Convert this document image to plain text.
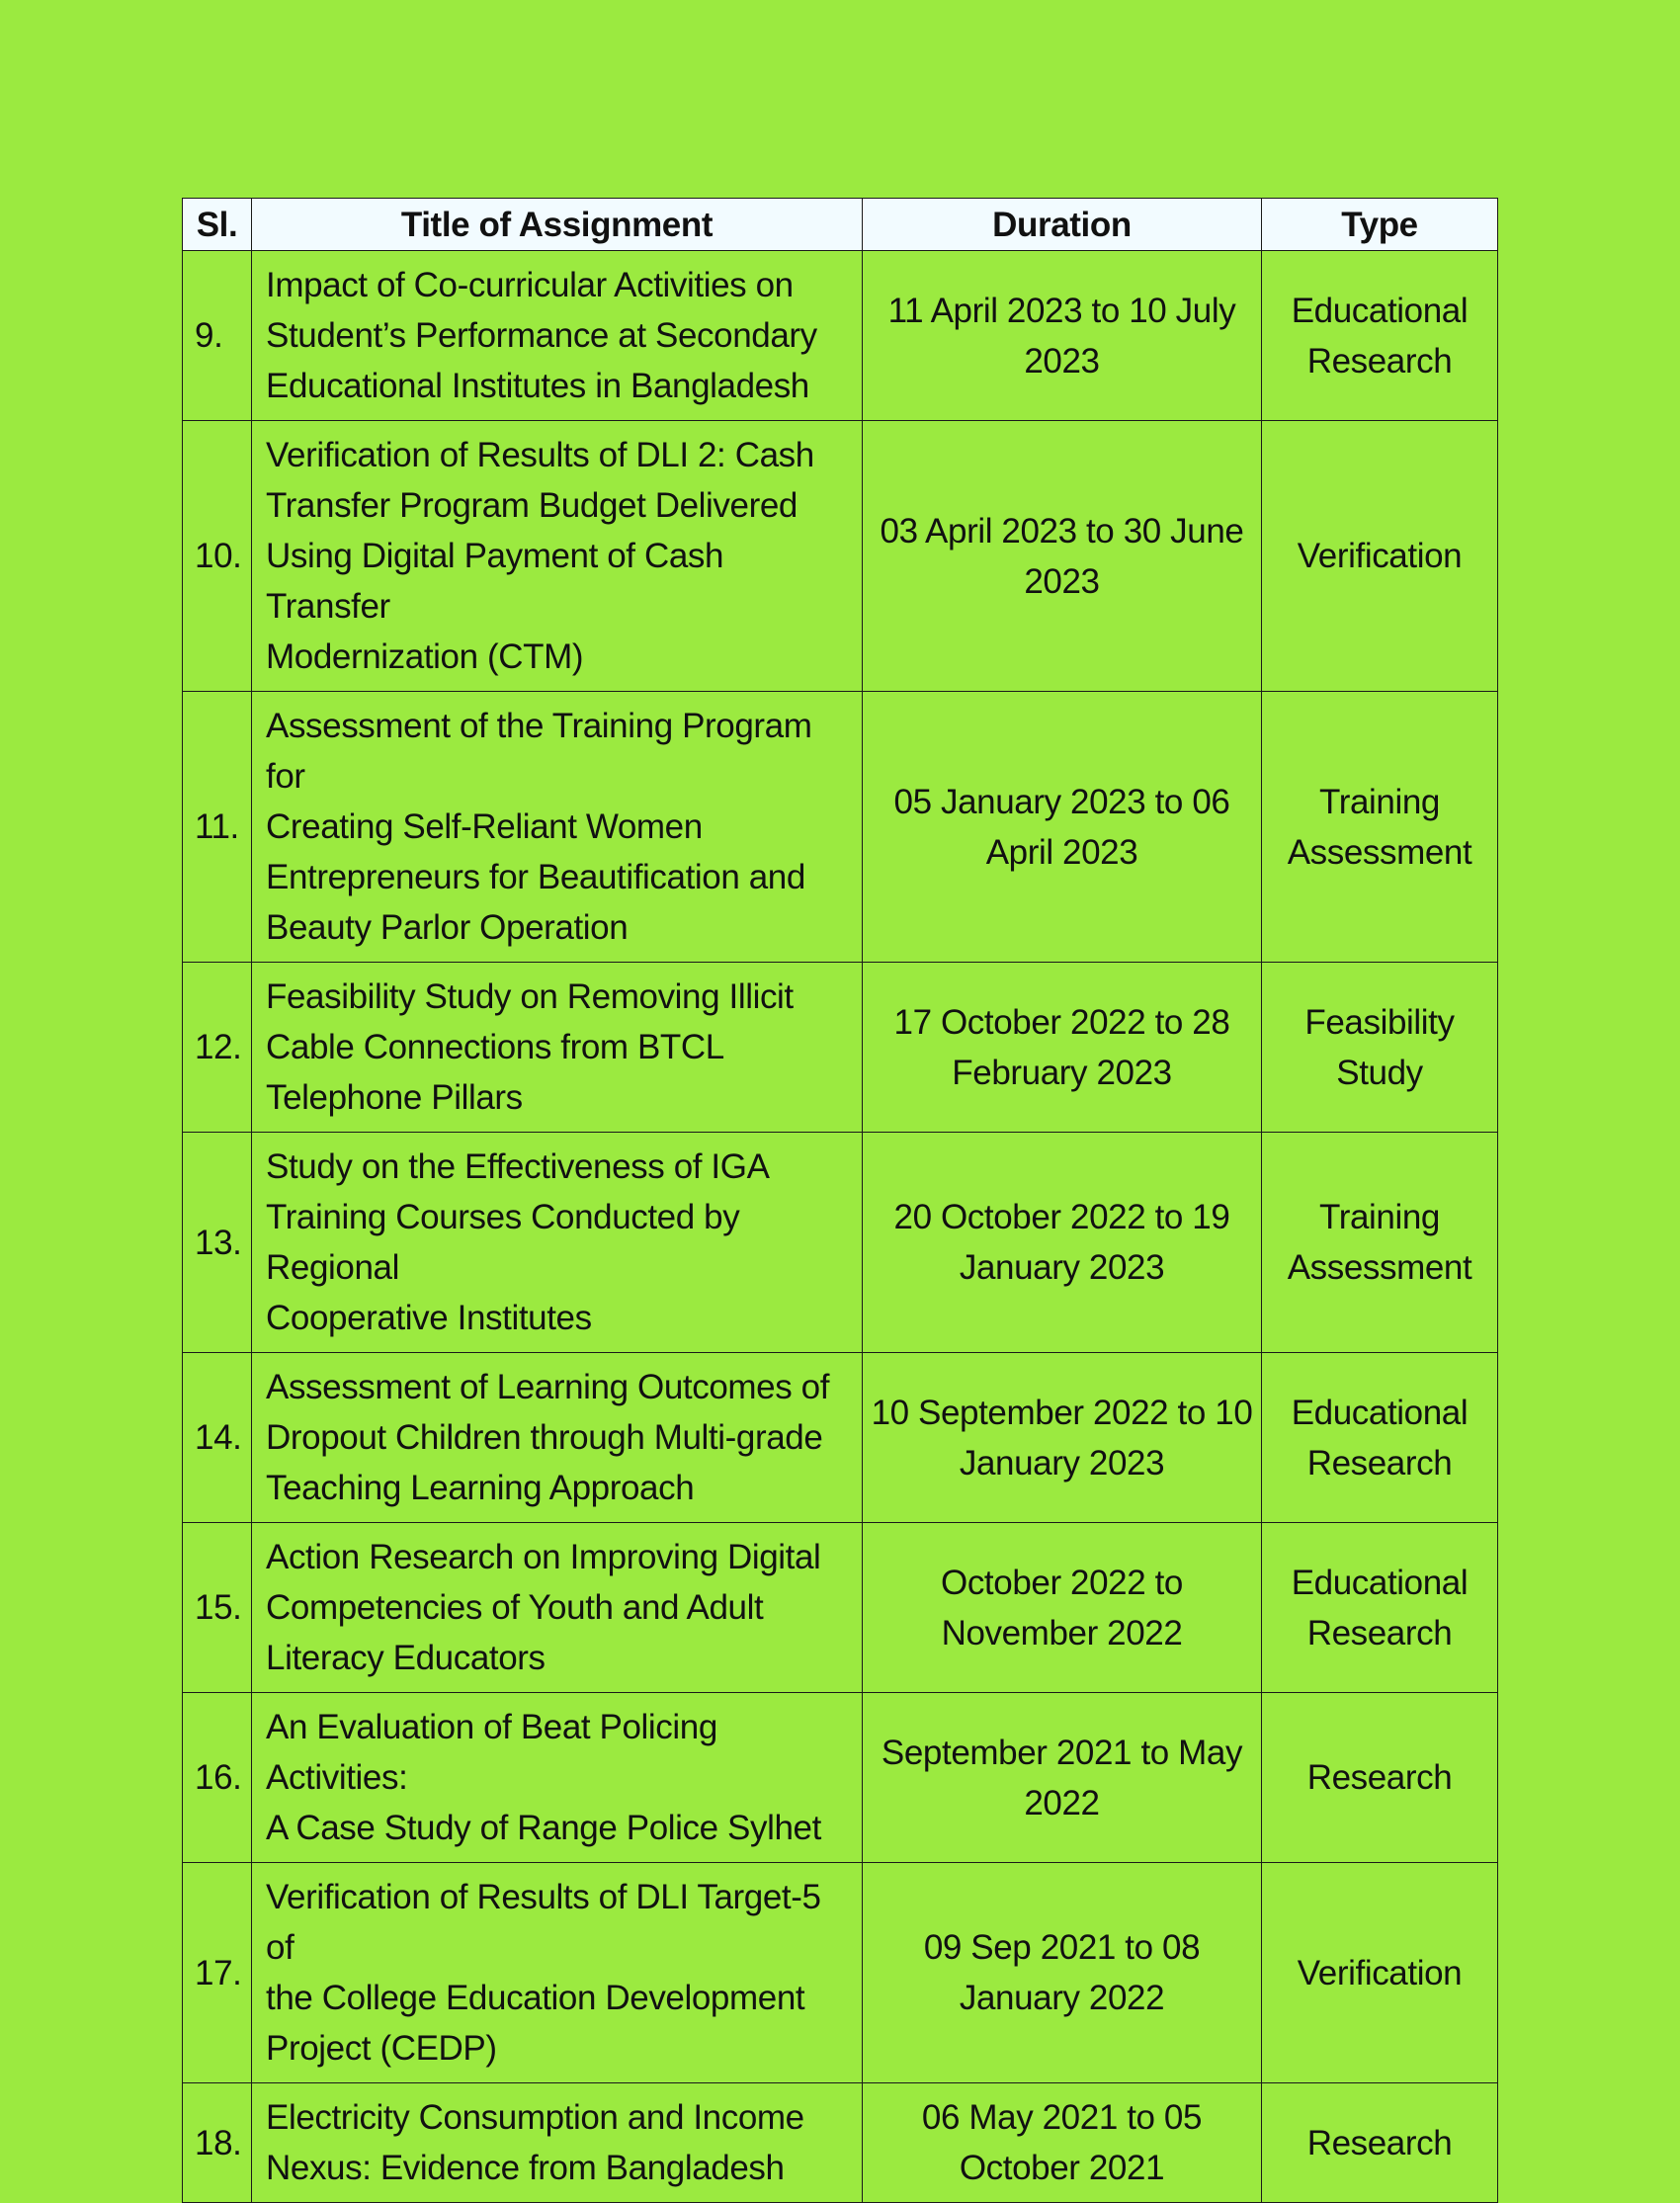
Sl.	Title of Assignment	Duration	Type
9.	Impact of Co-curricular Activities on
Student’s Performance at Secondary
Educational Institutes in Bangladesh	11 April 2023 to 10 July
2023	Educational
Research
10.	Verification of Results of DLI 2: Cash
Transfer Program Budget Delivered
Using Digital Payment of Cash Transfer
Modernization (CTM)	03 April 2023 to 30 June
2023	Verification
11.	Assessment of the Training Program for
Creating Self-Reliant Women
Entrepreneurs for Beautification and
Beauty Parlor Operation	05 January 2023 to 06
April 2023	Training
Assessment
12.	Feasibility Study on Removing Illicit
Cable Connections from BTCL
Telephone Pillars	17 October 2022 to 28
February 2023	Feasibility
Study
13.	Study on the Effectiveness of IGA
Training Courses Conducted by Regional
Cooperative Institutes	20 October 2022 to 19
January 2023	Training
Assessment
14.	Assessment of Learning Outcomes of
Dropout Children through Multi-grade
Teaching Learning Approach	10 September 2022 to 10
January 2023	Educational
Research
15.	Action Research on Improving Digital
Competencies of Youth and Adult
Literacy Educators	October 2022 to
November 2022	Educational
Research
16.	An Evaluation of Beat Policing Activities:
A Case Study of Range Police Sylhet	September 2021 to May
2022	Research
17.	Verification of Results of DLI Target-5 of
the College Education Development
Project (CEDP)	09 Sep 2021 to 08
January 2022	Verification
18.	Electricity Consumption and Income
Nexus: Evidence from Bangladesh	06 May 2021 to 05
October 2021	Research
